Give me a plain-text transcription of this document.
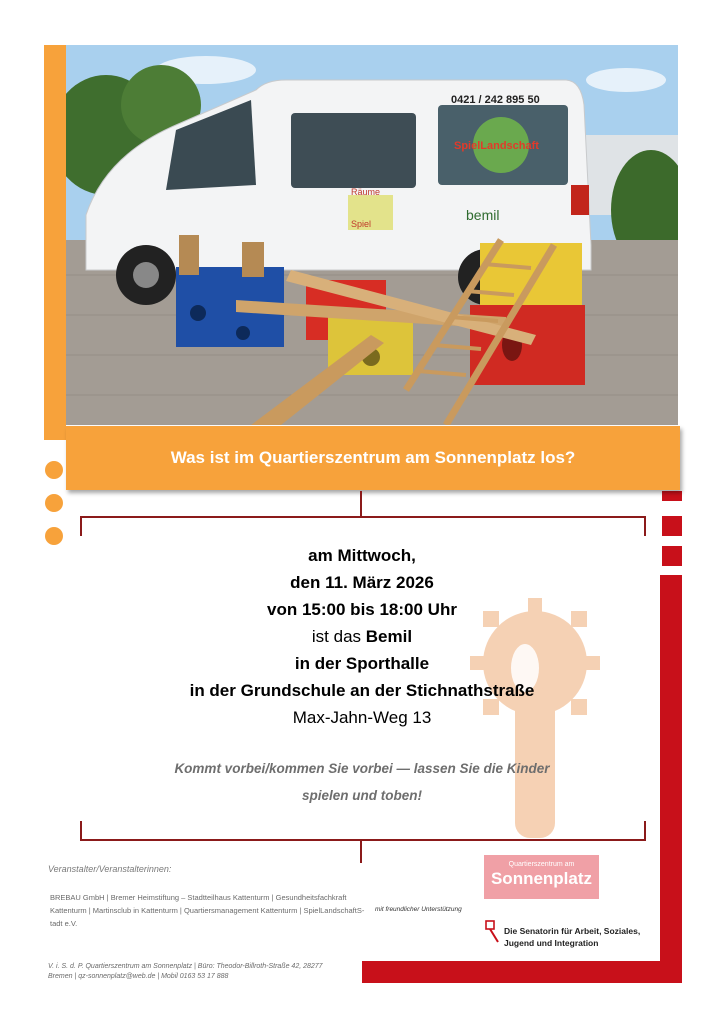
SpielLandschaft
0421 / 242 895 50
Räume
Spiel
bemil
Was ist im Quartierszentrum am Sonnenplatz los?

am Mittwoch,

den 11. März 2026

von 15:00 bis 18:00 Uhr

ist das Bemil

in der Sporthalle

in der Grundschule an der Stichnathstraße

Max-Jahn-Weg 13

Kommt vorbei/kommen Sie vorbei — lassen Sie die Kinder
spielen und toben!
Veranstalter/Veranstalterinnen:
BREBAU GmbH | Bremer Heimstiftung – Stadtteilhaus Kattenturm | Gesundheitsfachkraft
Kattenturm | Martinsclub in Kattenturm | Quartiersmanagement Kattenturm | SpielLandschaftS-
tadt e.V.
mit freundlicher Unterstützung
V. i. S. d. P. Quartierszentrum am Sonnenplatz | Büro: Theodor-Billroth-Straße 42, 28277
Bremen | qz-sonnenplatz@web.de | Mobil 0163 53 17 888
Quartierszentrum am
Sonnenplatz
Die Senatorin für Arbeit, Soziales,
Jugend und Integration
